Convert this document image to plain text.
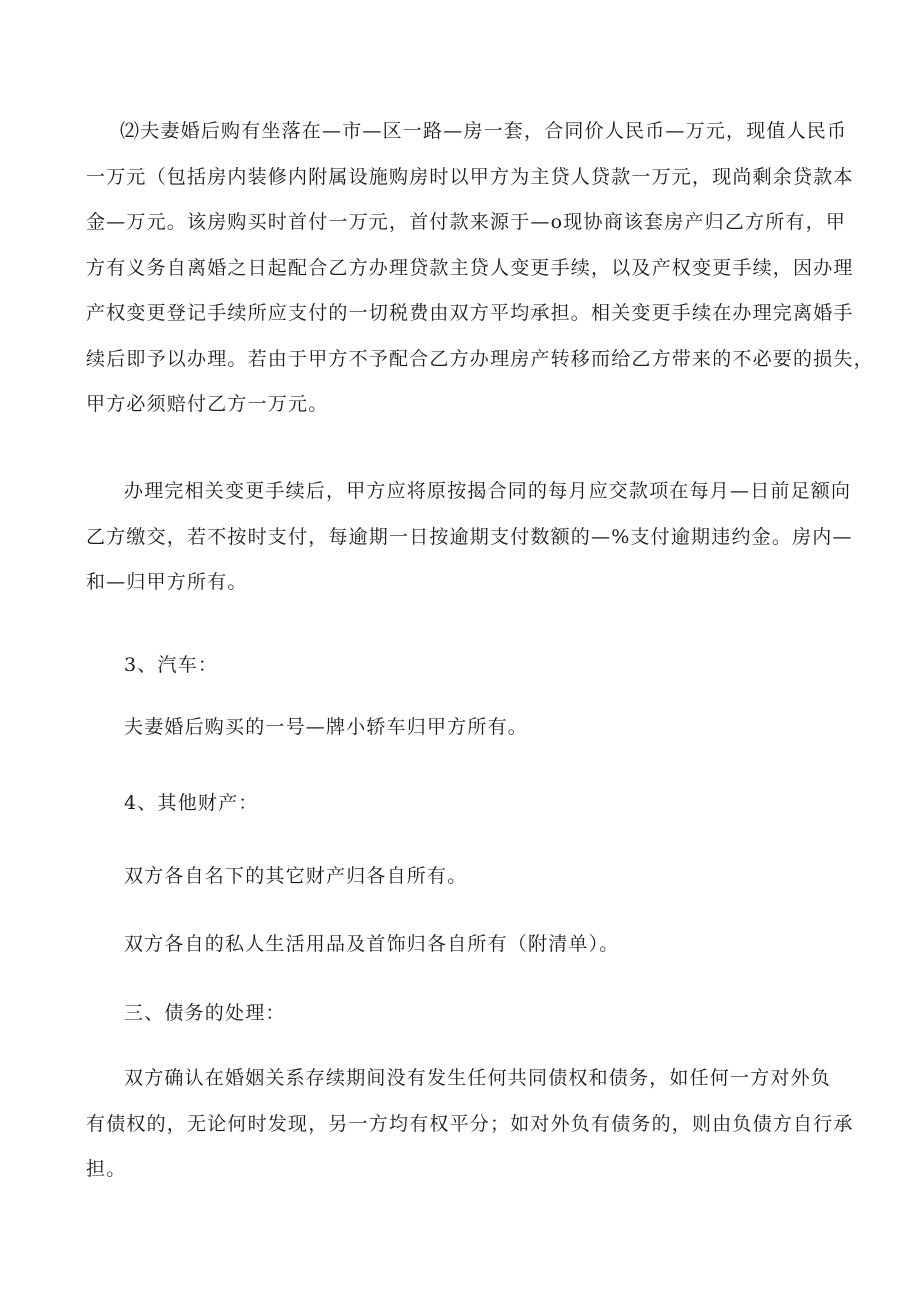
⑵夫妻婚后购有坐落在—市—区一路—房一套，合同价人民币—万元，现值人民币
一万元（包括房内装修内附属设施购房时以甲方为主贷人贷款一万元，现尚剩余贷款本
金—万元。该房购买时首付一万元，首付款来源于—o现协商该套房产归乙方所有，甲
方有义务自离婚之日起配合乙方办理贷款主贷人变更手续，以及产权变更手续，因办理
产权变更登记手续所应支付的一切税费由双方平均承担。相关变更手续在办理完离婚手
续后即予以办理。若由于甲方不予配合乙方办理房产转移而给乙方带来的不必要的损失，
甲方必须赔付乙方一万元。
办理完相关变更手续后，甲方应将原按揭合同的每月应交款项在每月—日前足额向
乙方缴交，若不按时支付，每逾期一日按逾期支付数额的—%支付逾期违约金。房内—
和—归甲方所有。
3、汽车：
夫妻婚后购买的一号—牌小轿车归甲方所有。
4、其他财产：
双方各自名下的其它财产归各自所有。
双方各自的私人生活用品及首饰归各自所有（附清单）。
三、债务的处理：
双方确认在婚姻关系存续期间没有发生任何共同债权和债务，如任何一方对外负
有债权的，无论何时发现，另一方均有权平分；如对外负有债务的，则由负债方自行承
担。
